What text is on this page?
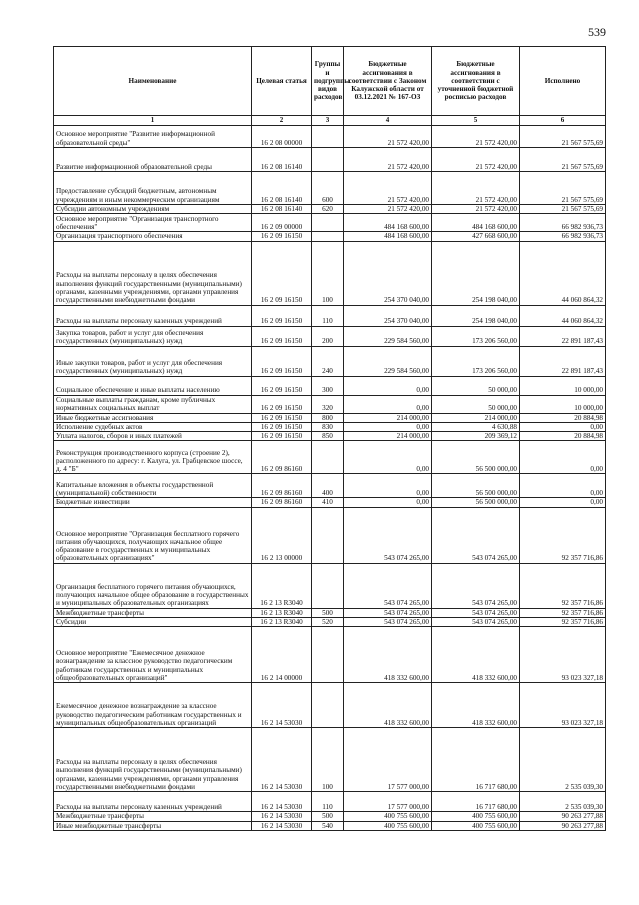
539
Наименование	Целевая статья	Группы и подгруппы видов расходов	Бюджетные ассигнования в соответствии с Законом Калужской области от 03.12.2021 № 167-ОЗ	Бюджетные ассигнования в соответствии с уточненной бюджетной росписью расходов	Исполнено
1	2	3	4	5	6
Основное мероприятие "Развитие информационной образовательной среды"	16 2 08 00000		21 572 420,00	21 572 420,00	21 567 575,69
Развитие информационной образовательной среды	16 2 08 16140		21 572 420,00	21 572 420,00	21 567 575,69
Предоставление субсидий бюджетным, автономным учреждениям и иным некоммерческим организациям	16 2 08 16140	600	21 572 420,00	21 572 420,00	21 567 575,69
Субсидии автономным учреждениям	16 2 08 16140	620	21 572 420,00	21 572 420,00	21 567 575,69
Основное мероприятие "Организация транспортного обеспечения"	16 2 09 00000		484 168 600,00	484 168 600,00	66 982 936,73
Организация транспортного обеспечения	16 2 09 16150		484 168 600,00	427 668 600,00	66 982 936,73
Расходы на выплаты персоналу в целях обеспечения выполнения функций государственными (муниципальными) органами, казенными учреждениями, органами управления государственными внебюджетными фондами	16 2 09 16150	100	254 370 040,00	254 198 040,00	44 060 864,32
Расходы на выплаты персоналу казенных учреждений	16 2 09 16150	110	254 370 040,00	254 198 040,00	44 060 864,32
Закупка товаров, работ и услуг для обеспечения государственных (муниципальных) нужд	16 2 09 16150	200	229 584 560,00	173 206 560,00	22 891 187,43
Иные закупки товаров, работ и услуг для обеспечения государственных (муниципальных) нужд	16 2 09 16150	240	229 584 560,00	173 206 560,00	22 891 187,43
Социальное обеспечение и иные выплаты населению	16 2 09 16150	300	0,00	50 000,00	10 000,00
Социальные выплаты гражданам, кроме публичных нормативных социальных выплат	16 2 09 16150	320	0,00	50 000,00	10 000,00
Иные бюджетные ассигнования	16 2 09 16150	800	214 000,00	214 000,00	20 884,98
Исполнение судебных актов	16 2 09 16150	830	0,00	4 630,88	0,00
Уплата налогов, сборов и иных платежей	16 2 09 16150	850	214 000,00	209 369,12	20 884,98
Реконструкция производственного корпуса (строение 2), расположенного по адресу: г. Калуга, ул. Грабцевское шоссе, д. 4 "Б"	16 2 09 86160		0,00	56 500 000,00	0,00
Капитальные вложения в объекты государственной (муниципальной) собственности	16 2 09 86160	400	0,00	56 500 000,00	0,00
Бюджетные инвестиции	16 2 09 86160	410	0,00	56 500 000,00	0,00
Основное мероприятие "Организация бесплатного горячего питания обучающихся, получающих начальное общее образование в государственных и муниципальных образовательных организациях"	16 2 13 00000		543 074 265,00	543 074 265,00	92 357 716,86
Организация бесплатного горячего питания обучающихся, получающих начальное общее образование в государственных и муниципальных образовательных организациях	16 2 13 R3040		543 074 265,00	543 074 265,00	92 357 716,86
Межбюджетные трансферты	16 2 13 R3040	500	543 074 265,00	543 074 265,00	92 357 716,86
Субсидии	16 2 13 R3040	520	543 074 265,00	543 074 265,00	92 357 716,86
Основное мероприятие "Ежемесячное денежное вознаграждение за классное руководство педагогическим работникам государственных и муниципальных общеобразовательных организаций"	16 2 14 00000		418 332 600,00	418 332 600,00	93 023 327,18
Ежемесячное денежное вознаграждение за классное руководство педагогическим работникам государственных и муниципальных общеобразовательных организаций	16 2 14 53030		418 332 600,00	418 332 600,00	93 023 327,18
Расходы на выплаты персоналу в целях обеспечения выполнения функций государственными (муниципальными) органами, казенными учреждениями, органами управления государственными внебюджетными фондами	16 2 14 53030	100	17 577 000,00	16 717 680,00	2 535 039,30
Расходы на выплаты персоналу казенных учреждений	16 2 14 53030	110	17 577 000,00	16 717 680,00	2 535 039,30
Межбюджетные трансферты	16 2 14 53030	500	400 755 600,00	400 755 600,00	90 263 277,88
Иные межбюджетные трансферты	16 2 14 53030	540	400 755 600,00	400 755 600,00	90 263 277,88
